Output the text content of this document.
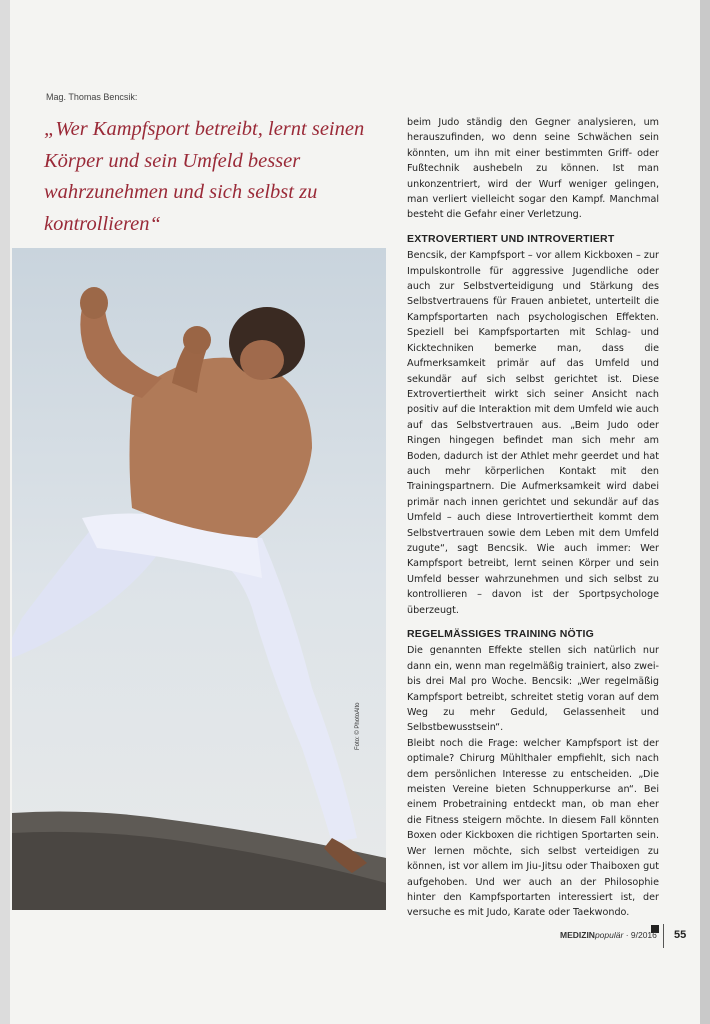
Mag. Thomas Bencsik:
„Wer Kampfsport betreibt, lernt seinen Körper und sein Umfeld besser wahrzunehmen und sich selbst zu kontrollieren“
Foto: © PhotoAlto

beim Judo ständig den Gegner analysieren, um herauszufinden, wo denn seine Schwächen sein könnten, um ihn mit einer bestimmten Griff- oder Fußtechnik aushebeln zu können. Ist man unkonzentriert, wird der Wurf weniger gelingen, man verliert vielleicht sogar den Kampf. Manchmal besteht die Gefahr einer Verletzung.

EXTROVERTIERT UND INTROVERTIERT

Bencsik, der Kampfsport – vor allem Kickboxen – zur Impulskontrolle für aggressive Jugendliche oder auch zur Selbstverteidigung und Stärkung des Selbstvertrauens für Frauen anbietet, unterteilt die Kampfsportarten nach psychologischen Effekten. Speziell bei Kampfsportarten mit Schlag- und Kicktechniken bemerke man, dass die Aufmerksamkeit primär auf das Umfeld und sekundär auf sich selbst gerichtet ist. Diese Extrovertiertheit wirkt sich seiner Ansicht nach positiv auf die Interaktion mit dem Umfeld wie auch auf das Selbstvertrauen aus. „Beim Judo oder Ringen hingegen befindet man sich mehr am Boden, dadurch ist der Athlet mehr geerdet und hat auch mehr körperlichen Kontakt mit den Trainingspartnern. Die Aufmerksamkeit wird dabei primär nach innen gerichtet und sekundär auf das Umfeld – auch diese Introvertiertheit kommt dem Selbstvertrauen sowie dem Leben mit dem Umfeld zugute“, sagt Bencsik. Wie auch immer: Wer Kampfsport betreibt, lernt seinen Körper und sein Umfeld besser wahrzunehmen und sich selbst zu kontrollieren – davon ist der Sportpsychologe überzeugt.

REGELMÄSSIGES TRAINING NÖTIG

Die genannten Effekte stellen sich natürlich nur dann ein, wenn man regelmäßig trainiert, also zwei- bis drei Mal pro Woche. Bencsik: „Wer regelmäßig Kampfsport betreibt, schreitet stetig voran auf dem Weg zu mehr Geduld, Gelassenheit und Selbstbewusstsein“.

Bleibt noch die Frage: welcher Kampfsport ist der optimale? Chirurg Mühlthaler empfiehlt, sich nach dem persönlichen Interesse zu entscheiden. „Die meisten Vereine bieten Schnupperkurse an“. Bei einem Probetraining entdeckt man, ob man eher die Fitness steigern möchte. In diesem Fall könnten Boxen oder Kickboxen die richtigen Sportarten sein. Wer lernen möchte, sich selbst verteidigen zu können, ist vor allem im Jiu-Jitsu oder Thaiboxen gut aufgehoben. Und wer auch an der Philosophie hinter den Kampfsportarten interessiert ist, der versuche es mit Judo, Karate oder Taekwondo.

MEDIZINpopulär · 9/2016 55
